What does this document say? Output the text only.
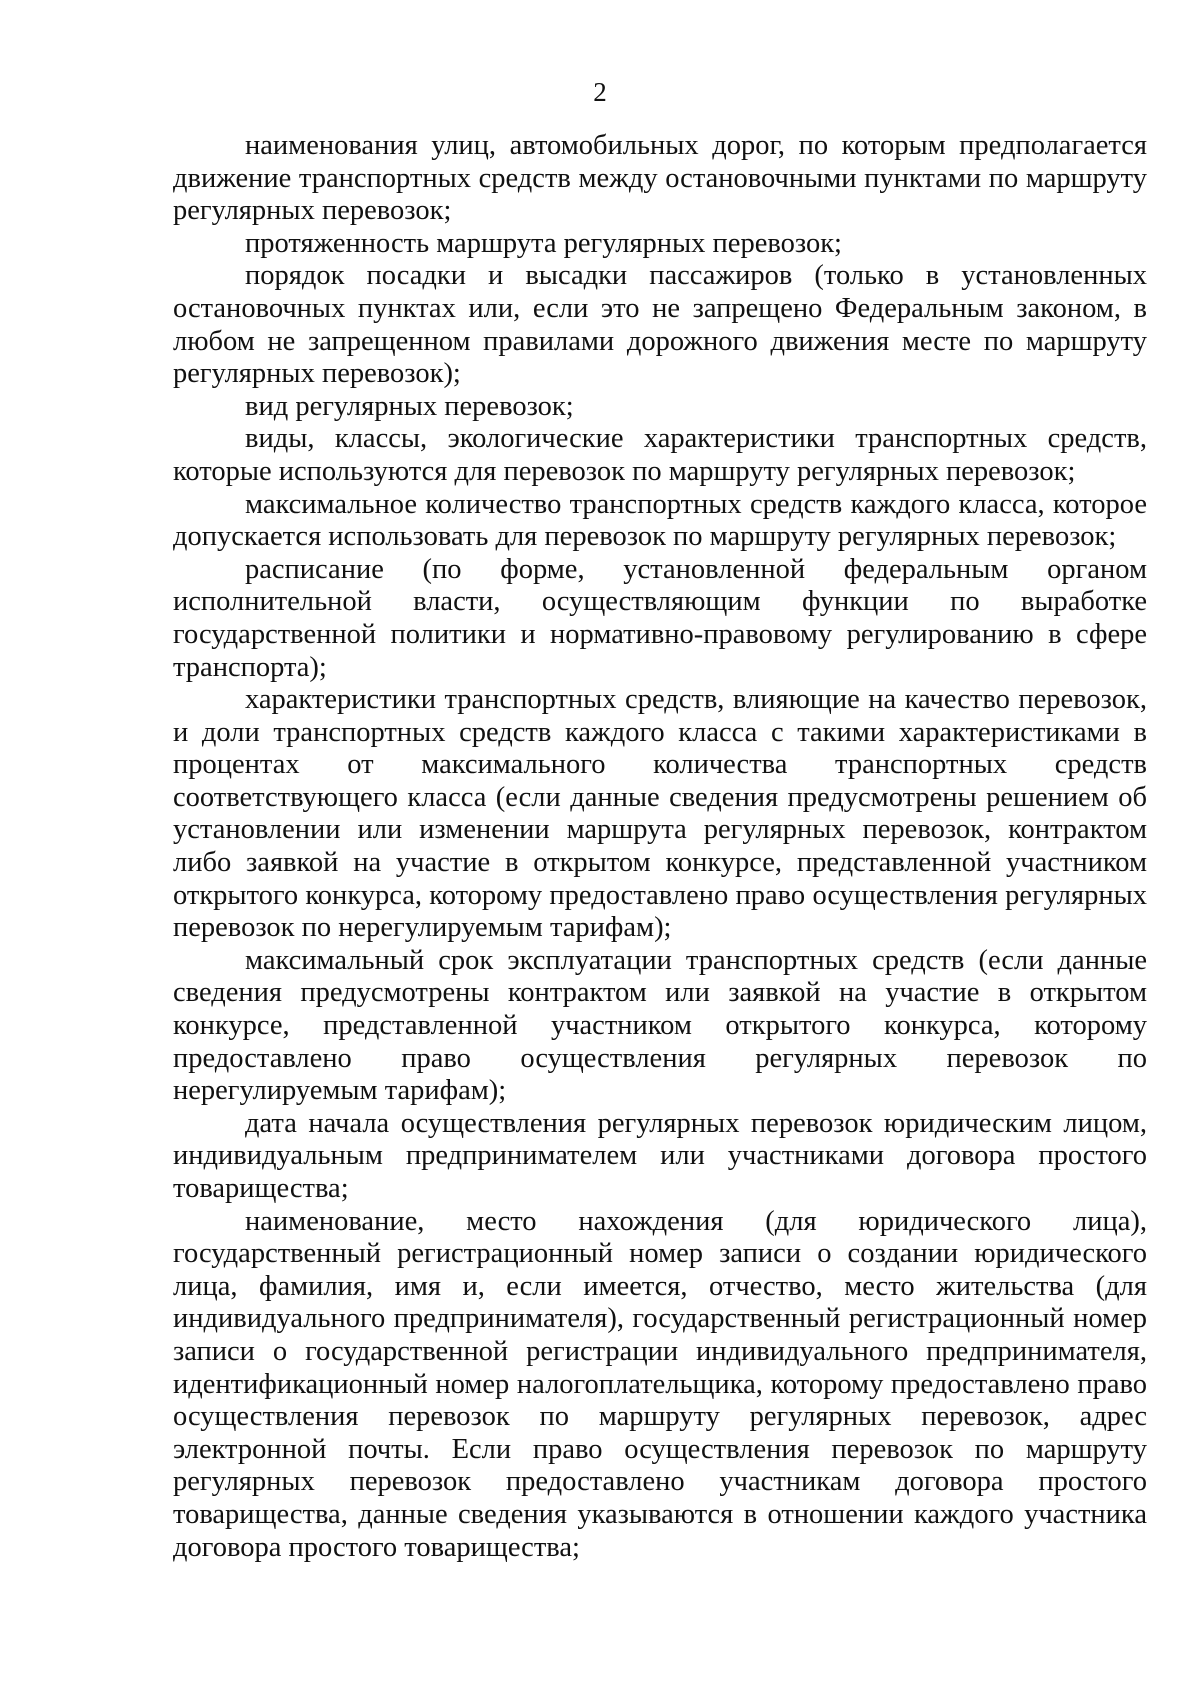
2

наименования улиц, автомобильных дорог, по которым предполагается движение транспортных средств между остановочными пунктами по маршруту регулярных перевозок;

протяженность маршрута регулярных перевозок;

порядок посадки и высадки пассажиров (только в установленных остановочных пунктах или, если это не запрещено Федеральным законом, в любом не запрещенном правилами дорожного движения месте по маршруту регулярных перевозок);

вид регулярных перевозок;

виды, классы, экологические характеристики транспортных средств, которые используются для перевозок по маршруту регулярных перевозок;

максимальное количество транспортных средств каждого класса, которое допускается использовать для перевозок по маршруту регулярных перевозок;

расписание (по форме, установленной федеральным органом исполнительной власти, осуществляющим функции по выработке государственной политики и нормативно-правовому регулированию в сфере транспорта);

характеристики транспортных средств, влияющие на качество перевозок, и доли транспортных средств каждого класса с такими характеристиками в процентах от максимального количества транспортных средств соответствующего класса (если данные сведения предусмотрены решением об установлении или изменении маршрута регулярных перевозок, контрактом либо заявкой на участие в открытом конкурсе, представленной участником открытого конкурса, которому предоставлено право осуществления регулярных перевозок по нерегулируемым тарифам);

максимальный срок эксплуатации транспортных средств (если данные сведения предусмотрены контрактом или заявкой на участие в открытом конкурсе, представленной участником открытого конкурса, которому предоставлено право осуществления регулярных перевозок по нерегулируемым тарифам);

дата начала осуществления регулярных перевозок юридическим лицом, индивидуальным предпринимателем или участниками договора простого товарищества;

наименование, место нахождения (для юридического лица), государственный регистрационный номер записи о создании юридического лица, фамилия, имя и, если имеется, отчество, место жительства (для индивидуального предпринимателя), государственный регистрационный номер записи о государственной регистрации индивидуального предпринимателя, идентификационный номер налогоплательщика, которому предоставлено право осуществления перевозок по маршруту регулярных перевозок, адрес электронной почты. Если право осуществления перевозок по маршруту регулярных перевозок предоставлено участникам договора простого товарищества, данные сведения указываются в отношении каждого участника договора простого товарищества;
